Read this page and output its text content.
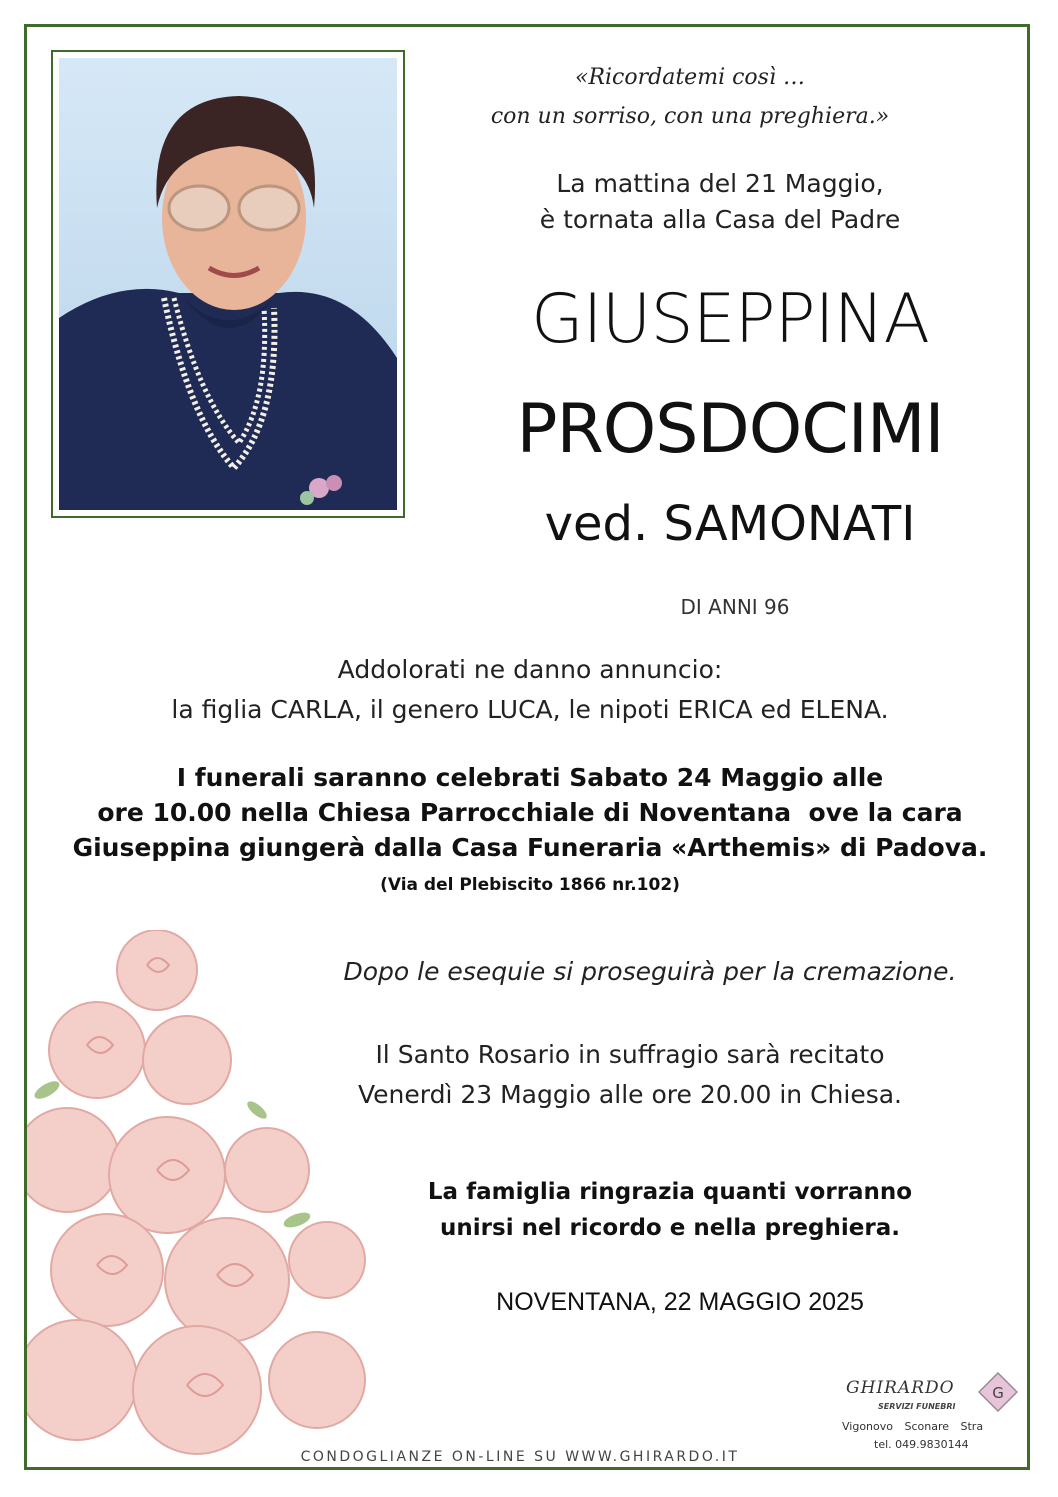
«Ricordatemi così …
con un sorriso, con una preghiera.»
La mattina del 21 Maggio,
è tornata alla Casa del Padre
GIUSEPPINA
PROSDOCIMI
ved. SAMONATI
DI ANNI 96
Addolorati ne danno annuncio:
la figlia CARLA, il genero LUCA, le nipoti ERICA ed ELENA.
I funerali saranno celebrati Sabato 24 Maggio alle
ore 10.00 nella Chiesa Parrocchiale di Noventana  ove la cara
Giuseppina giungerà dalla Casa Funeraria «Arthemis» di Padova.
(Via del Plebiscito 1866 nr.102)
Dopo le esequie si proseguirà per la cremazione.
Il Santo Rosario in suffragio sarà recitato
Venerdì 23 Maggio alle ore 20.00 in Chiesa.
La famiglia ringrazia quanti vorranno
unirsi nel ricordo e nella preghiera.
NOVENTANA, 22 MAGGIO 2025
GHIRARDO
SERVIZI FUNEBRI
G
Vigonovo Sconare Stra
tel. 049.9830144
CONDOGLIANZE ON-LINE SU WWW.GHIRARDO.IT
